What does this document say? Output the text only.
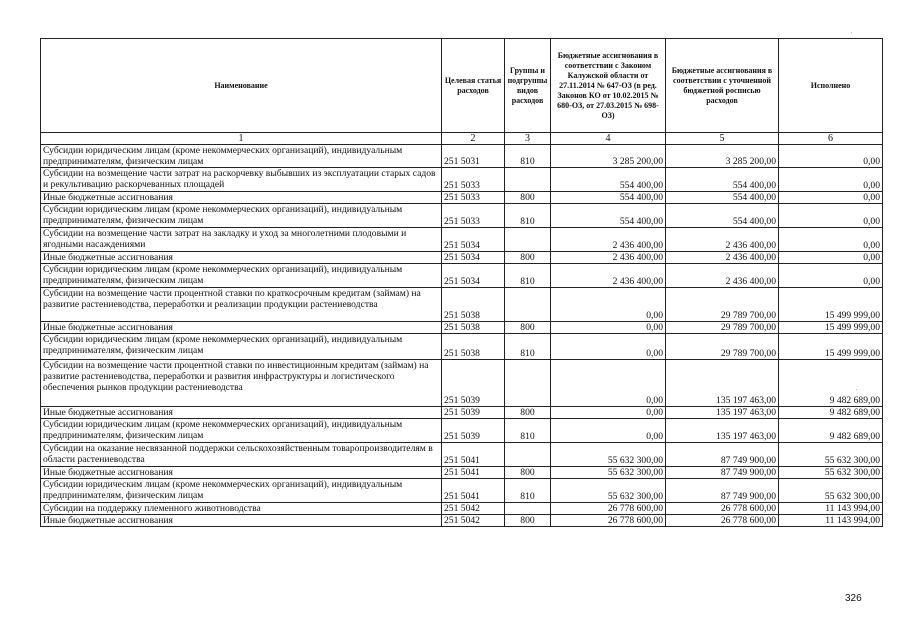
Наименование	Целевая статья расходов	Группы и подгруппы видов расходов	Бюджетные ассигнования в соответствии с Законом Калужской области от 27.11.2014 № 647-ОЗ (в ред. Законов КО от 10.02.2015 № 680-ОЗ, от 27.03.2015 № 698-ОЗ)	Бюджетные ассигнования в соответствии с уточненной бюджетной росписью расходов	Исполнено
1	2	3	4	5	6
Субсидии юридическим лицам (кроме некоммерческих организаций), индивидуальным предпринимателям, физическим лицам	251 5031	810	3 285 200,00	3 285 200,00	0,00
Субсидии на возмещение части затрат на раскорчевку выбывших из эксплуатации старых садов и рекультивацию раскорчеванных площадей	251 5033		554 400,00	554 400,00	0,00
Иные бюджетные ассигнования	251 5033	800	554 400,00	554 400,00	0,00
Субсидии юридическим лицам (кроме некоммерческих организаций), индивидуальным предпринимателям, физическим лицам	251 5033	810	554 400,00	554 400,00	0,00
Субсидии на возмещение части затрат на закладку и уход за многолетними плодовыми и ягодными насаждениями	251 5034		2 436 400,00	2 436 400,00	0,00
Иные бюджетные ассигнования	251 5034	800	2 436 400,00	2 436 400,00	0,00
Субсидии юридическим лицам (кроме некоммерческих организаций), индивидуальным предпринимателям, физическим лицам	251 5034	810	2 436 400,00	2 436 400,00	0,00
Субсидии на возмещение части процентной ставки по краткосрочным кредитам (займам) на развитие растениеводства, переработки и реализации продукции растениеводства	251 5038		0,00	29 789 700,00	15 499 999,00
Иные бюджетные ассигнования	251 5038	800	0,00	29 789 700,00	15 499 999,00
Субсидии юридическим лицам (кроме некоммерческих организаций), индивидуальным предпринимателям, физическим лицам	251 5038	810	0,00	29 789 700,00	15 499 999,00
Субсидии на возмещение части процентной ставки по инвестиционным кредитам (займам) на развитие растениеводства, переработки и развития инфраструктуры и логистического обеспечения рынков продукции растениеводства	251 5039		0,00	135 197 463,00	9 482 689,00
Иные бюджетные ассигнования	251 5039	800	0,00	135 197 463,00	9 482 689,00
Субсидии юридическим лицам (кроме некоммерческих организаций), индивидуальным предпринимателям, физическим лицам	251 5039	810	0,00	135 197 463,00	9 482 689,00
Субсидии на оказание несвязанной поддержки сельскохозяйственным товаропроизводителям в области растениеводства	251 5041		55 632 300,00	87 749 900,00	55 632 300,00
Иные бюджетные ассигнования	251 5041	800	55 632 300,00	87 749 900,00	55 632 300,00
Субсидии юридическим лицам (кроме некоммерческих организаций), индивидуальным предпринимателям, физическим лицам	251 5041	810	55 632 300,00	87 749 900,00	55 632 300,00
Субсидии на поддержку племенного животноводства	251 5042		26 778 600,00	26 778 600,00	11 143 994,00
Иные бюджетные ассигнования	251 5042	800	26 778 600,00	26 778 600,00	11 143 994,00
326
·
·
